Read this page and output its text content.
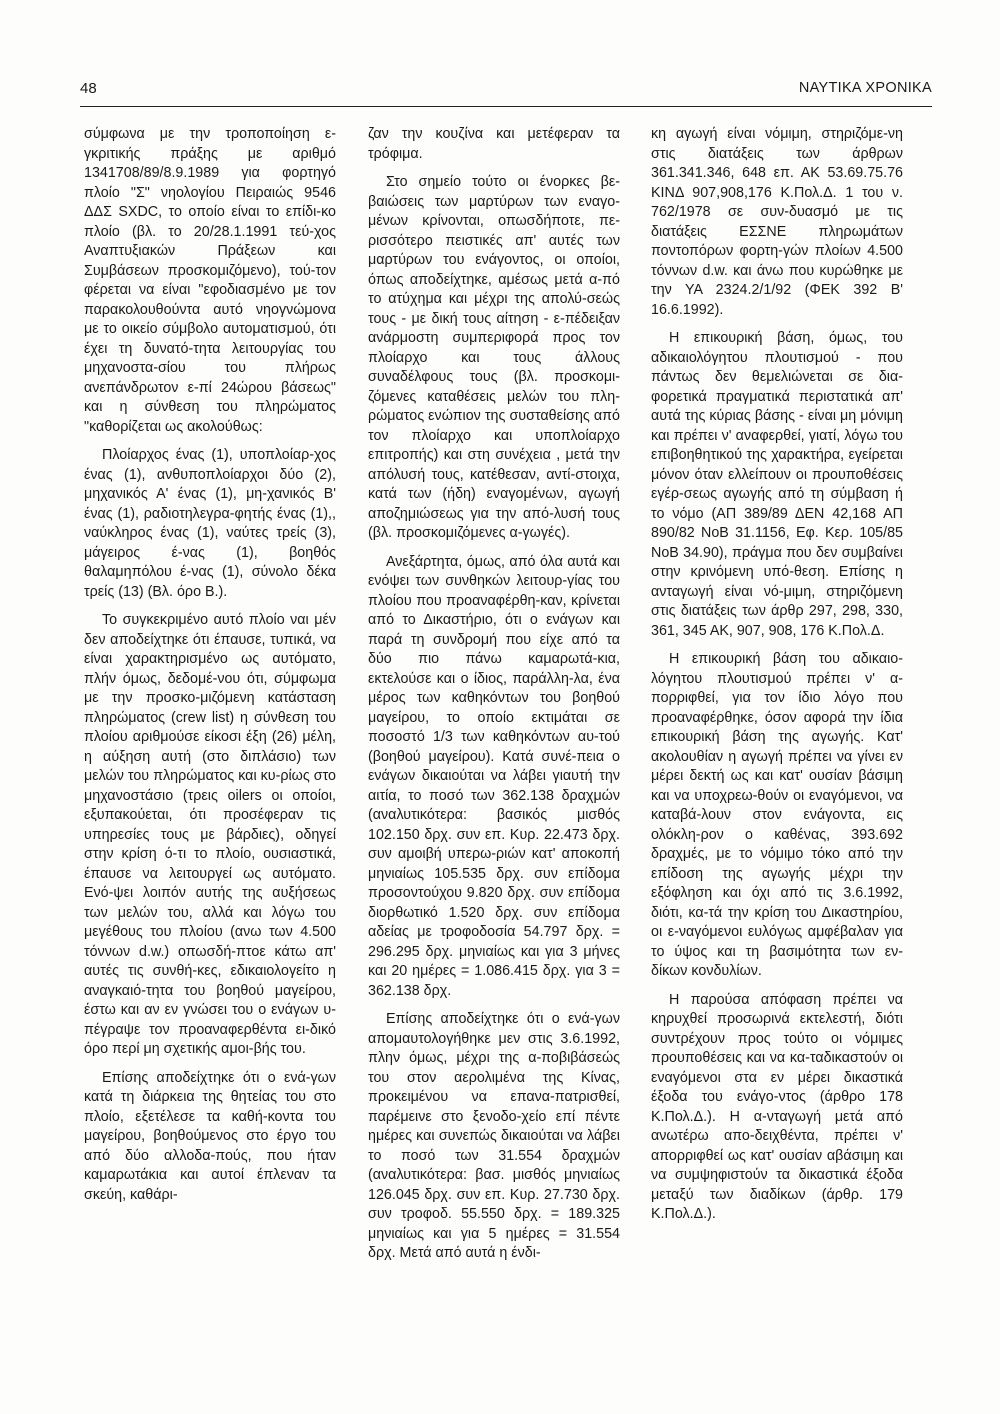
48	ΝΑΥΤΙΚΑ ΧΡΟΝΙΚΑ

σύμφωνα με την τροποποίηση ε-γκριτικής πράξης με αριθμό 1341708/89/8.9.1989 για φορτηγό πλοίο "Σ" νηολογίου Πειραιώς 9546 ΔΔΣ SXDC, το οποίο είναι το επίδι-κο πλοίο (βλ. το 20/28.1.1991 τεύ-χος Αναπτυξιακών Πράξεων και Συμβάσεων προσκομιζόμενο), τού-τον φέρεται να είναι "εφοδιασμένο με τον παρακολουθούντα αυτό νηογνώμονα με το οικείο σύμβολο αυτοματισμού, ότι έχει τη δυνατό-τητα λειτουργίας του μηχανοστα-σίου του πλήρως ανεπάνδρωτον ε-πί 24ώρου βάσεως" και η σύνθεση του πληρώματος "καθορίζεται ως ακολούθως:

Πλοίαρχος ένας (1), υποπλοίαρ-χος ένας (1), ανθυποπλοίαρχοι δύο (2), μηχανικός Α' ένας (1), μη-χανικός Β' ένας (1), ραδιοτηλεγρα-φητής ένας (1),, ναύκληρος ένας (1), ναύτες τρείς (3), μάγειρος έ-νας (1), βοηθός θαλαμηπόλου έ-νας (1), σύνολο δέκα τρείς (13) (Βλ. όρο Β.).

Το συγκεκριμένο αυτό πλοίο ναι μέν δεν αποδείχτηκε ότι έπαυσε, τυπικά, να είναι χαρακτηρισμένο ως αυτόματο, πλήν όμως, δεδομέ-νου ότι, σύμφωμα με την προσκο-μιζόμενη κατάσταση πληρώματος (crew list) η σύνθεση του πλοίου αριθμούσε είκοσι έξη (26) μέλη, η αύξηση αυτή (στο διπλάσιο) των μελών του πληρώματος και κυ-ρίως στο μηχανοστάσιο (τρεις oilers οι οποίοι, εξυπακούεται, ότι προσέφεραν τις υπηρεσίες τους με βάρδιες), οδηγεί στην κρίση ό-τι το πλοίο, ουσιαστικά, έπαυσε να λειτουργεί ως αυτόματο. Ενό-ψει λοιπόν αυτής της αυξήσεως των μελών του, αλλά και λόγω του μεγέθους του πλοίου (ανω των 4.500 τόννων d.w.) οπωσδή-πτοε κάτω απ' αυτές τις συνθή-κες, εδικαιολογείτο η αναγκαιό-τητα του βοηθού μαγείρου, έστω και αν εν γνώσει του ο ενάγων υ-πέγραψε τον προαναφερθέντα ει-δικό όρο περί μη σχετικής αμοι-βής του.

Επίσης αποδείχτηκε ότι ο ενά-γων κατά τη διάρκεια της θητείας του στο πλοίο, εξετέλεσε τα καθή-κοντα του μαγείρου, βοηθούμενος στο έργο του από δύο αλλοδα-πούς, που ήταν καμαρωτάκια και αυτοί έπλεναν τα σκεύη, καθάρι-

ζαν την κουζίνα και μετέφεραν τα τρόφιμα.

Στο σημείο τούτο οι ένορκες βε-βαιώσεις των μαρτύρων των εναγο-μένων κρίνονται, οπωσδήποτε, πε-ρισσότερο πειστικές απ' αυτές των μαρτύρων του ενάγοντος, οι οποίοι, όπως αποδείχτηκε, αμέσως μετά α-πό το ατύχημα και μέχρι της απολύ-σεώς τους - με δική τους αίτηση - ε-πέδειξαν ανάρμοστη συμπεριφορά προς τον πλοίαρχο και τους άλλους συναδέλφους τους (βλ. προσκομι-ζόμενες καταθέσεις μελών του πλη-ρώματος ενώπιον της συσταθείσης από τον πλοίαρχο και υποπλοίαρχο επιτροπής) και στη συνέχεια , μετά την απόλυσή τους, κατέθεσαν, αντί-στοιχα, κατά των (ήδη) εναγομένων, αγωγή αποζημιώσεως για την από-λυσή τους (βλ. προσκομιζόμενες α-γωγές).

Ανεξάρτητα, όμως, από όλα αυτά και ενόψει των συνθηκών λειτουρ-γίας του πλοίου που προαναφέρθη-καν, κρίνεται από το Δικαστήριο, ότι ο ενάγων και παρά τη συνδρομή που είχε από τα δύο πιο πάνω καμαρωτά-κια, εκτελούσε και ο ίδιος, παράλλη-λα, ένα μέρος των καθηκόντων του βοηθού μαγείρου, το οποίο εκτιμάται σε ποσοστό 1/3 των καθηκόντων αυ-τού (βοηθού μαγείρου). Κατά συνέ-πεια ο ενάγων δικαιούται να λάβει γιαυτή την αιτία, το ποσό των 362.138 δραχμών (αναλυτικότερα: βασικός μισθός 102.150 δρχ. συν επ. Κυρ. 22.473 δρχ. συν αμοιβή υπερω-ριών κατ' αποκοπή μηνιαίως 105.535 δρχ. συν επίδομα προσοντούχου 9.820 δρχ. συν επίδομα διορθωτικό 1.520 δρχ. συν επίδομα αδείας με τροφοδοσία 54.797 δρχ. = 296.295 δρχ. μηνιαίως και για 3 μήνες και 20 ημέρες = 1.086.415 δρχ. για 3 = 362.138 δρχ.

Επίσης αποδείχτηκε ότι ο ενά-γων απομαυτολογήθηκε μεν στις 3.6.1992, πλην όμως, μέχρι της α-ποβιβάσεώς του στον αερολιμένα της Κίνας, προκειμένου να επανα-πατρισθεί, παρέμεινε στο ξενοδο-χείο επί πέντε ημέρες και συνεπώς δικαιούται να λάβει το ποσό των 31.554 δραχμών (αναλυτικότερα: βασ. μισθός μηνιαίως 126.045 δρχ. συν επ. Κυρ. 27.730 δρχ. συν τροφοδ. 55.550 δρχ. = 189.325 μηνιαίως και για 5 ημέρες = 31.554 δρχ. Μετά από αυτά η ένδι-

κη αγωγή είναι νόμιμη, στηριζόμε-νη στις διατάξεις των άρθρων 361.341.346, 648 επ. ΑΚ 53.69.75.76 ΚΙΝΔ 907,908,176 Κ.Πολ.Δ. 1 του ν. 762/1978 σε συν-δυασμό με τις διατάξεις ΕΣΣΝΕ πληρωμάτων ποντοπόρων φορτη-γών πλοίων 4.500 τόννων d.w. και άνω που κυρώθηκε με την ΥΑ 2324.2/1/92 (ΦΕΚ 392 Β' 16.6.1992).

Η επικουρική βάση, όμως, του αδικαιολόγητου πλουτισμού - που πάντως δεν θεμελιώνεται σε δια-φορετικά πραγματικά περιστατικά απ' αυτά της κύριας βάσης - είναι μη μόνιμη και πρέπει ν' αναφερθεί, γιατί, λόγω του επιβοηθητικού της χαρακτήρα, εγείρεται μόνον όταν ελλείπουν οι προυποθέσεις εγέρ-σεως αγωγής από τη σύμβαση ή το νόμο (ΑΠ 389/89 ΔΕΝ 42,168 ΑΠ 890/82 ΝοΒ 31.1156, Εφ. Κερ. 105/85 ΝοΒ 34.90), πράγμα που δεν συμβαίνει στην κρινόμενη υπό-θεση. Επίσης η ανταγωγή είναι νό-μιμη, στηριζόμενη στις διατάξεις των άρθρ 297, 298, 330, 361, 345 ΑΚ, 907, 908, 176 Κ.Πολ.Δ.

Η επικουρική βάση του αδικαιο-λόγητου πλουτισμού πρέπει ν' α-πορριφθεί, για τον ίδιο λόγο που προαναφέρθηκε, όσον αφορά την ίδια επικουρική βάση της αγωγής. Κατ' ακολουθίαν η αγωγή πρέπει να γίνει εν μέρει δεκτή ως και κατ' ουσίαν βάσιμη και να υποχρεω-θούν οι εναγόμενοι, να καταβά-λουν στον ενάγοντα, εις ολόκλη-ρον ο καθένας, 393.692 δραχμές, με το νόμιμο τόκο από την επίδοση της αγωγής μέχρι την εξόφληση και όχι από τις 3.6.1992, διότι, κα-τά την κρίση του Δικαστηρίου, οι ε-ναγόμενοι ευλόγως αμφέβαλαν για το ύψος και τη βασιμότητα των εν-δίκων κονδυλίων.

Η παρούσα απόφαση πρέπει να κηρυχθεί προσωρινά εκτελεστή, διότι συντρέχουν προς τούτο οι νόμιμες προυποθέσεις και να κα-ταδικαστούν οι εναγόμενοι στα εν μέρει δικαστικά έξοδα του ενάγο-ντος (άρθρο 178 Κ.Πολ.Δ.). Η α-νταγωγή μετά από ανωτέρω απο-δειχθέντα, πρέπει ν' απορριφθεί ως κατ' ουσίαν αβάσιμη και να συμψηφιστούν τα δικαστικά έξοδα μεταξύ των διαδίκων (άρθρ. 179 Κ.Πολ.Δ.).
